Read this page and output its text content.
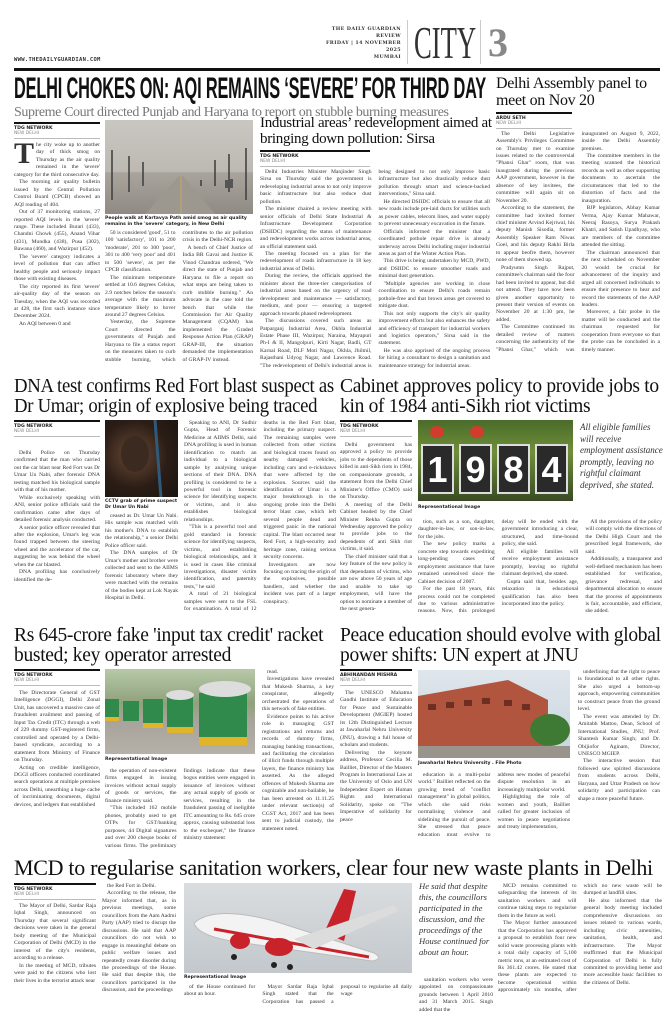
WWW.THEDAILYGUARDIAN.COM
THE DAILY GUARDIAN REVIEW
FRIDAY | 14 NOVEMBER 2025
MUMBAI CITY 3
DELHI CHOKES ON: AQI REMAINS ‘SEVERE’ FOR THIRD DAY
Supreme Court directed Punjab and Haryana to report on stubble burning measures
TDG NETWORK
NEW DELHI

The city woke up to another day of thick smog on Thursday as the air quality remained in the 'severe' category for the third consecutive day.

The morning air quality bulletin issued by the Central Pollution Control Board (CPCB) showed an AQI reading of 404.

Out of 37 monitoring stations, 27 reported AQI levels in the 'severe' range. These included Burari (433), Chandni Chowk (455), Anand Vihar (431), Mundka (438), Pusa (302), Bawana (460), and Wazirpur (452).

The 'severe' category indicates a level of pollution that can affect healthy people and seriously impact those with existing diseases.

The city reported its first 'severe' air-quality day of the season on Tuesday, when the AQI was recorded at 428, the first such instance since December 2024.

An AQI between 0 and

People walk at Kartavya Path amid smog as air quality remains in the 'severe' category, in New Delhi

50 is considered 'good', 51 to 100 'satisfactory', 101 to 200 'moderate', 201 to 300 'poor', 301 to 400 'very poor' and 401 to 500 'severe', as per the CPCB classification.

The minimum temperature settled at 10.6 degrees Celsius, 2.9 notches below the season's average with the maximum temperature likely to hover around 27 degrees Celsius.

Yesterday, the Supreme Court directed the governments of Punjab and Haryana to file a status report on the measures taken to curb stubble burning, which contributes to the air pollution crisis in the Delhi-NCR region.

A bench of Chief Justice of India BR Gavai and Justice K Vinod Chandran ordered, "We direct the state of Punjab and Haryana to file a report on what steps are being taken to curb stubble burning." An advocate in the case told the bench that while the Commission for Air Quality Management (CQAM) has implemented the Graded Response Action Plan (GRAP) GRAP-III, the situation demanded the implementation of GRAP-IV instead.

Industrial areas’ redevelopment aimed at bringing down pollution: Sirsa
TDG NETWORK
NEW DELHI

Delhi Industries Minister Manjinder Singh Sirsa on Thursday said the government is redeveloping industrial areas to not only improve basic infrastructure but also reduce dust pollution.

The minister chaired a review meeting with senior officials of Delhi State Industrial & Infrastructure Development Corporation (DSIIDC) regarding the status of maintenance and redevelopment works across industrial areas, an official statement said.

The meeting focused on a plan for the redevelopment of roads infrastructure in 18 key industrial areas of Delhi.

During the review, the officials apprised the minister about the three-tier categorisation of industrial areas based on the urgency of road development and maintenance — satisfactory, medium, and poor — ensuring a targeted approach towards phased redevelopment.

The discussions covered such areas as Patparganj Industrial Area, Okhla Industrial Estate Phase III, Wazirpur, Naraina, Mayapuri Ph-I & II, Mangolpuri, Kirti Nagar, Badli, GT Karnal Road, DLF Moti Nagar, Okhla, Jhilmil, Rajasthani Udyog Nagar, and Lawrence Road. "The redevelopment of Delhi's industrial areas is being designed to not only improve basic infrastructure but also drastically reduce dust pollution through smart and science-backed interventions," Sirsa said.

He directed DSIIDC officials to ensure that all new roads include pre-laid ducts for utilities such as power cables, telecom lines, and water supply to prevent unnecessary excavation in the future.

Officials informed the minister that a coordinated pothole repair drive is already underway across Delhi including major industrial areas as part of the Winter Action Plan.

This drive is being undertaken by MCD, PWD, and DSIIDC to ensure smoother roads and minimal dust generation.

"Multiple agencies are working in close coordination to ensure Delhi's roads remain pothole-free and that brown areas get covered to mitigate dust.

This not only supports the city's air quality improvement efforts but also enhances the safety and efficiency of transport for industrial workers and logistics operators," Sirsa said in the statement.

He was also apprised of the ongoing process for hiring a consultant to design a sanitation and maintenance strategy for industrial areas.

Delhi Assembly panel to meet on Nov 20
ARDU SETH
NEW DELHI

The Delhi Legislative Assembly's Privileges Committee on Thursday met to examine issues related to the controversial "Phansi Ghar" room, that was inaugrated during the previous AAP government, however in the absence of key invitees, the committee will again sit on November 20.

According to the statement, the committee had invited former chief minister Arvind Kejriwal, his deputy Manish Sisodia, former Assembly Speaker Ram Niwas Goel, and his deputy Rakhi Birla to appear beofre them, however none of them showed up.

Pradyumn Singh Rajput, committee's chairman said the four had been invited to appear, but did not attend. They have now been given another opportunity to present their version of events on November 20 at 1:30 pm, he added.

The Committee continued its detailed review of matters concerning the authenticity of the "Phansi Ghar," which was inaugurated on August 9, 2022, inside the Delhi Assembly premises.

The committee members in the meeting scanned the historical records as well as other supporting documents to ascertain the circumstances that led to the distortion of facts and the inauguration.

BJP legislators, Abhay Kumar Verma, Ajay Kumar Mahawar, Neeraj Basoya, Surya Prakash Khatri, and Satish Upadhyay, who are members of the committee attended the sitting.

The chairman announced that the next scheduled on November 20 would be crucial for advancement of the inquiry and urged all concerned individuals to ensure their presence to hear and record the statements of the AAP leaders.

Moreover, a fair probe in the matter will be conducted and the chairman requested for cooperation from everyone so that the probe can be concluded in a timely manner.

DNA test confirms Red Fort blast suspect as Dr Umar; origin of explosive being traced
TDG NETWORK
NEW DELHI

Delhi Police on Thursday confirmed that the man who carried out the car blast near Red Fort was Dr Umar Un Nabi, after forensic DNA testing matched his biological sample with that of his mother.

While exclusively speaking with ANI, senior police officials said the confirmation came after days of detailed forensic analysis conducted.

A senior police officer revealed that after the explosion, Umar's leg was found trapped between the steering wheel and the accelerator of the car, suggesting he was behind the wheel when the car blasted.

DNA profiling has conclusively identified the de-

CCTV grab of prime suspect Dr Umar Un Nabi

ceased as Dr. Umar Un Nabi. His sample was matched with his mother's DNA to establish the relationship," a senior Delhi Police officer said.

The DNA samples of Dr Umar's mother and brother were collected and sent to the AIIMS forensic laboratory where they were matched with the remains of the bodies kept at Lok Nayak Hospital in Delhi.

Speaking to ANI, Dr Sudhir Gupta, Head of Forensic Medicine at AIIMS Delhi, said DNA profiling is used in human identification to match an individual to a biological sample by analysing unique sections of their DNA. DNA profiling is considered to be a powerful tool in forensic science for identifying suspects or victims, and it also establishes biological relationships.

"This is a powerful tool and gold standard in forensic science for identifying suspects, victims, and establishing biological relationships, and it is used in cases like criminal investigations, disaster victim identification, and paternity tests," he said

A total of 21 biological samples were sent to the FSL for examination. A total of 12 deaths in the Red Fort blast, including the primary suspect. The remaining samples were collected from other victims and biological traces found on nearby damaged vehicles, including cars and e-rickshaws that were affected by the explosion. Sources said the identification of Umar is a major breakthrough in the ongoing probe into the Delhi terror blast case, which left several people dead and triggered panic in the national capital. The blast occurred near Red Fort, a high-security and heritage zone, raising serious security concerns.

Investigators are now focusing on tracing the origin of the explosives, possible handlers, and whether the incident was part of a larger conspiracy.

Cabinet approves policy to provide jobs to kin of 1984 anti-Sikh riot victims
TDG NETWORK
NEW DELHI

Delhi government has approved a policy to provide jobs to the dependents of those killed in anti-Sikh riots in 1984, on compassionate grounds, a statement from the Delhi Chief Minister's Office (CMO) said on Thursday.

A meeting of the Delhi Cabinet headed by the Chief Minister Rekha Gupta on Wednesday approved the policy to provide jobs to the dependents of anti Sikh riot victims, it said.

The chief minister said that a key feature of the new policy is that dependants of victims, who are now above 50 years of age and unable to take up employment, will have the option to nominate a member of the next genera-

1 9 8 4
Representational Image
All eligible families will receive employment assistance promptly, leaving no rightful claimant deprived, she stated.

tion, such as a son, daughter, daughter-in-law, or son-in-law, for the jobs.

The new policy marks a concrete step towards expediting long-pending cases of employment assistance that have remained unresolved since the Cabinet decision of 2007.

For the past 18 years, this process could not be completed due to various administrative reasons. Now, this prolonged delay will be ended with the government introducing a clear, structured, and time-bound policy, she said.

All eligible families will receive employment assistance promptly, leaving no rightful claimant deprived, she stated.

Gupta said that, besides age, relaxation in educational qualification has also been incorporated into the policy.

All the provisions of the policy will comply with the directions of the Delhi High Court and the prescribed legal framework, she said.

Additionally, a transparent and well-defined mechanism has been established for verification, grievance redressal, and departmental allocation to ensure that the process of appointments is fair, accountable, and efficient, she added.

Rs 645-crore fake 'input tax credit' racket busted; key operator arrested
TDG NETWORK
NEW DELHI

The Directorate General of GST Intelligence (DGGI), Delhi Zonal Unit, has uncovered a massive case of fraudulent availment and passing of Input Tax Credit (ITC) through a web of 229 dummy GST-registered firms, controlled and operated by a Delhi-based syndicate, according to a statement from Ministry of Finance on Thursday.

Acting on credible intelligence, DGGI officers conducted coordinated search operations at multiple premises across Delhi, unearthing a huge cache of incriminating documents, digital devices, and ledgers that established

Representational Image

the operation of non-existent firms engaged in issuing invoices without actual supply of goods or services, the finance ministry said.

"This included 162 mobile phones, probably used to get OTPs for GST/banking purposes, 44 Digital signatures and over 200 cheque books of various firms. The preliminary findings indicate that these bogus entities were engaged in issuance of invoices without any actual supply of goods or services, resulting in the fraudulent passing of ineligible ITC amounting to Rs. 645 crore approx, causing substantial loss to the exchequer," the finance ministry statement

read.

Investigations have revealed that Mukesh Sharma, a key conspirator, allegedly orchestrated the operations of this network of fake entities.

Evidence points to his active role in managing GST registrations and returns and records of dummy firms, managing banking transactions, and facilitating the circulation of illicit funds through multiple layers, the finance ministry has asserted. As the alleged offences of Mukesh Sharma are cognizable and non-bailable, he has been arrested on 11.11.25 under relevant section(s) of CGST Act, 2017 and has been sent to judicial custody, the statement noted.

Peace education should evolve with global power shifts: UN expert at JNU
ABHINANDAN MISHRA
NEW DELHI

The UNESCO Mahatma Gandhi Institute of Education for Peace and Sustainable Development (MGIEP) hosted its 12th Distinguished Lecture at Jawaharlal Nehru University (JNU), drawing a full house of scholars and students.

Delivering the keynote address, Professor Cecilia M. Bailliet, Director of the Masters Program in International Law at the University of Oslo and UN Independent Expert on Human Rights and International Solidarity, spoke on "The Imperative of solidarity for peace

Jawaharlal Nehru University . File Photo

education in a multi-polar world." Bailliet reflected on the growing trend of "conflict management" in global politics, which she said risks normalising violence and sidelining the pursuit of peace. She stressed that peace education must evolve to address new modes of peaceful dispute resolution in an increasingly multipolar world.

Highlighting the role of women and youth, Bailliet called for greater inclusion of women in peace negotiations and treaty implementation,

underlining that the right to peace is foundational to all other rights. She also urged a bottom-up approach, empowering communities to construct peace from the ground level.

The event was attended by Dr. Amitabh Mattoo, Dean, School of International Studies, JNU; Prof. Shantesh Kumar Singh; and Dr. Obijiofor Aginam, Director, UNESCO MGIEP.

The interactive session that followed saw spirited discussions from students across Delhi, Haryana, and Uttar Pradesh on how solidarity and participation can shape a more peaceful future.

MCD to regularise sanitation workers, clear four new waste plants in Delhi
TDG NETWORK
NEW DELHI

The Mayor of Delhi, Sardar Raja Iqbal Singh, announced on Thursday that several significant decisions were taken in the general body meeting of the Municipal Corporation of Delhi (MCD) in the interest of the city's residents, according to a release.

In the meeting of MCD, tributes were paid to the citizens who lost their lives in the terrorist attack near

the Red Fort in Delhi.

According to the release, the Mayor informed that, as in previous meetings, some councillors from the Aam Aadmi Party (AAP) tried to disrupt the discussions. He said that AAP councillors do not wish to engage in meaningful debate on public welfare issues and repeatedly create disorder during the proceedings of the House. He said that despite this, the councillors participated in the discussion, and the proceedings

Representational Image

of the House continued for about an hour.

Mayor Sardar Raja Iqbal Singh stated that the Corporation has passed a proposal to regularise all daily wage

He said that despite this, the councillors participated in the discussion, and the proceedings of the House continued for about an hour.

sanitation workers who were appointed on compassionate grounds between 1 April 2010 and 31 March 2015. Singh added that the

MCD remains committed to safeguarding the interests of its sanitation workers and will continue taking steps to regularise them in the future as well.

The Mayor further announced that the Corporation has approved a proposal to establish four new solid waste processing plants with a total daily capacity of 5,100 metric tons, at an estimated cost of Rs 361.42 crores. He stated that these plants are expected to become operational within approximately six months, after which no new waste will be dumped at landfill sites.

He also informed that the general body meeting included comprehensive discussions on issues related to various wards, including civic amenities, sanitation, health, and infrastructure. The Mayor reaffirmed that the Municipal Corporation of Delhi is fully committed to providing better and more accessible basic facilities to the citizens of Delhi.
